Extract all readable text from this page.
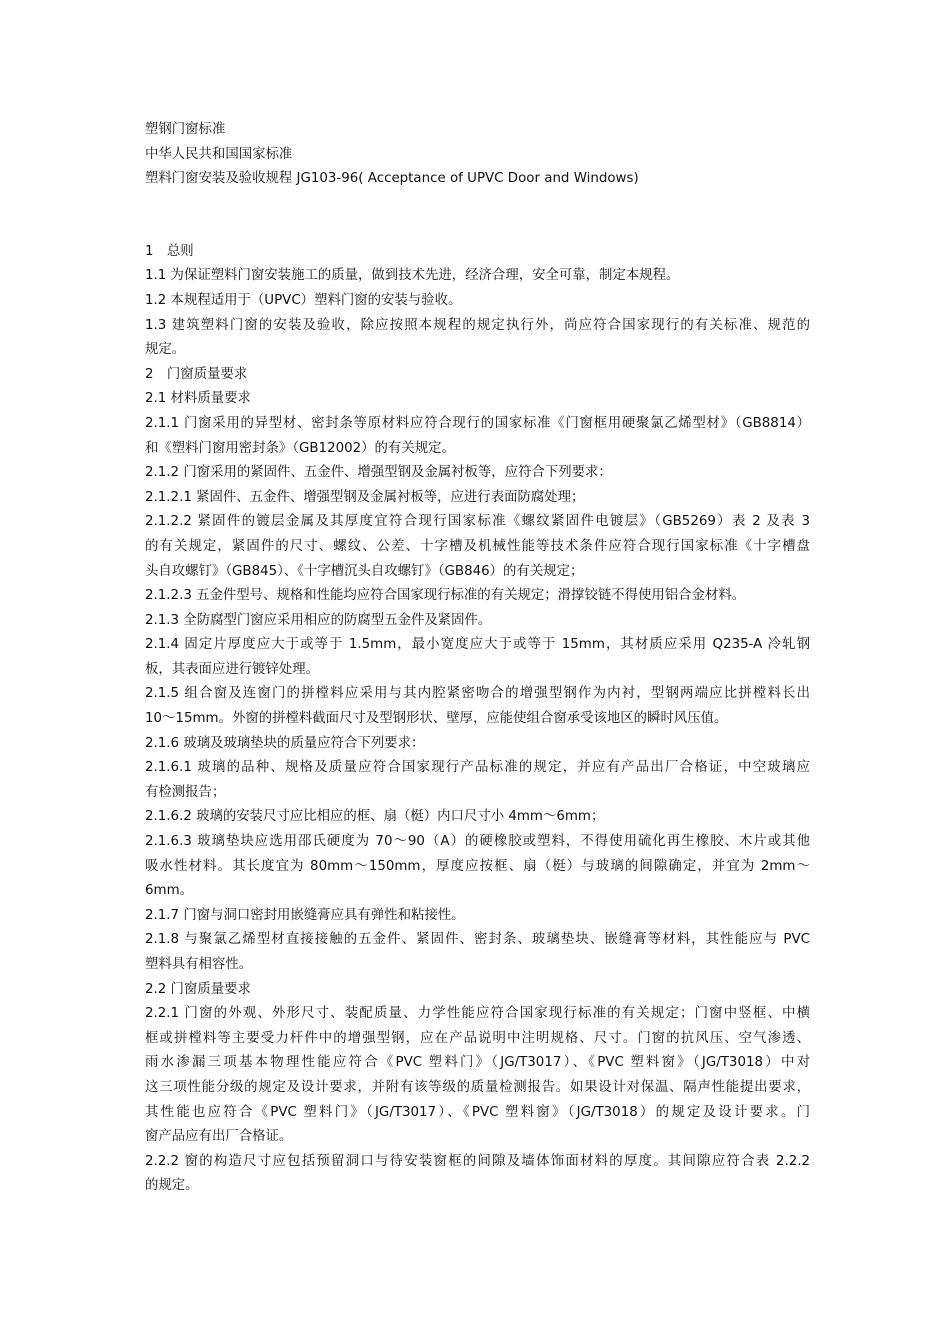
塑钢门窗标准
中华人民共和国国家标准
塑料门窗安装及验收规程 JG103-96( Acceptance of UPVC Door and Windows)
1　总则
1.1 为保证塑料门窗安装施工的质量，做到技术先进，经济合理，安全可靠，制定本规程。
1.2 本规程适用于（UPVC）塑料门窗的安装与验收。
1.3 建筑塑料门窗的安装及验收，除应按照本规程的规定执行外，尚应符合国家现行的有关标准、规范的
规定。
2　门窗质量要求
2.1 材料质量要求
2.1.1 门窗采用的异型材、密封条等原材料应符合现行的国家标准《门窗框用硬聚氯乙烯型材》（GB8814）
和《塑料门窗用密封条》（GB12002）的有关规定。
2.1.2 门窗采用的紧固件、五金件、增强型钢及金属衬板等，应符合下列要求：
2.1.2.1 紧固件、五金件、增强型钢及金属衬板等，应进行表面防腐处理；
2.1.2.2 紧固件的镀层金属及其厚度宜符合现行国家标准《螺纹紧固件电镀层》（GB5269）表 2 及表 3
的有关规定，紧固件的尺寸、螺纹、公差、十字槽及机械性能等技术条件应符合现行国家标准《十字槽盘
头自攻螺钉》（GB845）、《十字槽沉头自攻螺钉》（GB846）的有关规定；
2.1.2.3 五金件型号、规格和性能均应符合国家现行标准的有关规定；滑撑铰链不得使用铝合金材料。
2.1.3 全防腐型门窗应采用相应的防腐型五金件及紧固件。
2.1.4 固定片厚度应大于或等于 1.5mm，最小宽度应大于或等于 15mm，其材质应采用 Q235-A 冷轧钢
板，其表面应进行镀锌处理。
2.1.5 组合窗及连窗门的拼樘料应采用与其内腔紧密吻合的增强型钢作为内衬，型钢两端应比拼樘料长出
10～15mm。外窗的拼樘料截面尺寸及型钢形状、壁厚，应能使组合窗承受该地区的瞬时风压值。
2.1.6 玻璃及玻璃垫块的质量应符合下列要求：
2.1.6.1 玻璃的品种、规格及质量应符合国家现行产品标准的规定，并应有产品出厂合格证，中空玻璃应
有检测报告；
2.1.6.2 玻璃的安装尺寸应比相应的框、扇（梃）内口尺寸小 4mm～6mm；
2.1.6.3 玻璃垫块应选用邵氏硬度为 70～90（A）的硬橡胶或塑料，不得使用硫化再生橡胶、木片或其他
吸水性材料。其长度宜为 80mm～150mm，厚度应按框、扇（梃）与玻璃的间隙确定，并宜为 2mm～
6mm。
2.1.7 门窗与洞口密封用嵌缝膏应具有弹性和粘接性。
2.1.8 与聚氯乙烯型材直接接触的五金件、紧固件、密封条、玻璃垫块、嵌缝膏等材料，其性能应与 PVC
塑料具有相容性。
2.2 门窗质量要求
2.2.1 门窗的外观、外形尺寸、装配质量、力学性能应符合国家现行标准的有关规定；门窗中竖框、中横
框或拼樘料等主要受力杆件中的增强型钢，应在产品说明中注明规格、尺寸。门窗的抗风压、空气渗透、
雨水渗漏三项基本物理性能应符合《PVC 塑料门》（JG/T3017）、《PVC 塑料窗》（JG/T3018）中对
这三项性能分级的规定及设计要求，并附有该等级的质量检测报告。如果设计对保温、隔声性能提出要求，
其性能也应符合《PVC 塑料门》（JG/T3017）、《PVC 塑料窗》（JG/T3018）的规定及设计要求。门
窗产品应有出厂合格证。
2.2.2 窗的构造尺寸应包括预留洞口与待安装窗框的间隙及墙体饰面材料的厚度。其间隙应符合表 2.2.2
的规定。
